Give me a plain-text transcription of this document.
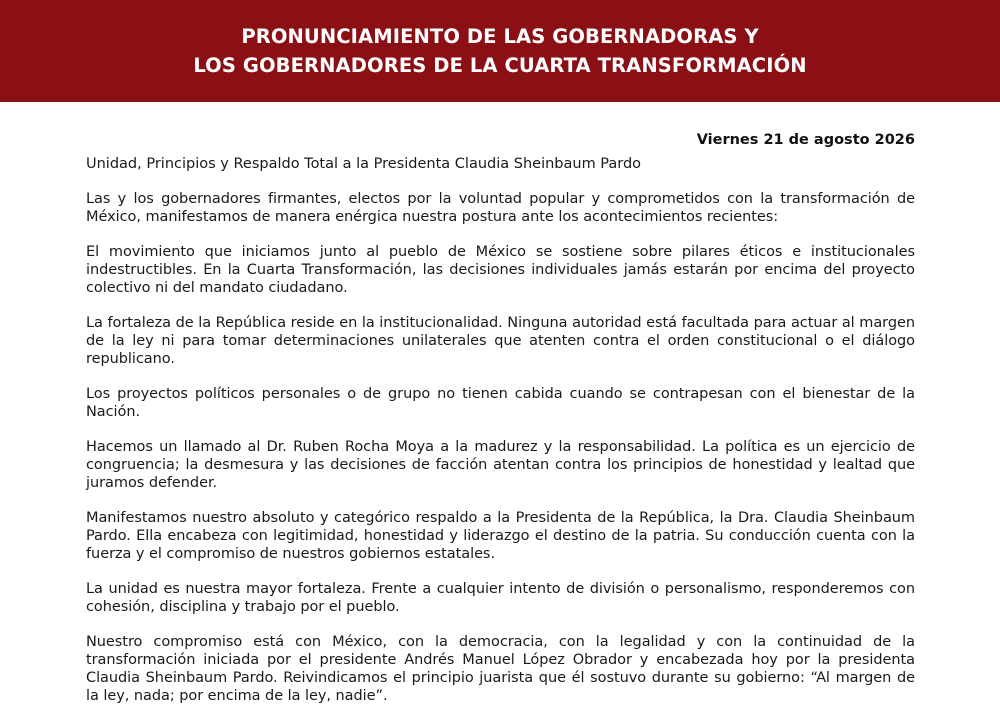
PRONUNCIAMIENTO DE LAS GOBERNADORAS Y
LOS GOBERNADORES DE LA CUARTA TRANSFORMACIÓN

Viernes 21 de agosto 2026

Unidad, Principios y Respaldo Total a la Presidenta Claudia Sheinbaum Pardo

Las y los gobernadores firmantes, electos por la voluntad popular y comprometidos con la transformación de México, manifestamos de manera enérgica nuestra postura ante los acontecimientos recientes:

El movimiento que iniciamos junto al pueblo de México se sostiene sobre pilares éticos e institucionales indestructibles. En la Cuarta Transformación, las decisiones individuales jamás estarán por encima del proyecto colectivo ni del mandato ciudadano.

La fortaleza de la República reside en la institucionalidad. Ninguna autoridad está facultada para actuar al margen de la ley ni para tomar determinaciones unilaterales que atenten contra el orden constitucional o el diálogo republicano.

Los proyectos políticos personales o de grupo no tienen cabida cuando se contrapesan con el bienestar de la Nación.

Hacemos un llamado al Dr. Ruben Rocha Moya a la madurez y la responsabilidad. La política es un ejercicio de congruencia; la desmesura y las decisiones de facción atentan contra los principios de honestidad y lealtad que juramos defender.

Manifestamos nuestro absoluto y categórico respaldo a la Presidenta de la República, la Dra. Claudia Sheinbaum Pardo. Ella encabeza con legitimidad, honestidad y liderazgo el destino de la patria. Su conducción cuenta con la fuerza y el compromiso de nuestros gobiernos estatales.

La unidad es nuestra mayor fortaleza. Frente a cualquier intento de división o personalismo, responderemos con cohesión, disciplina y trabajo por el pueblo.

Nuestro compromiso está con México, con la democracia, con la legalidad y con la continuidad de la transformación iniciada por el presidente Andrés Manuel López Obrador y encabezada hoy por la presidenta Claudia Sheinbaum Pardo. Reivindicamos el principio juarista que él sostuvo durante su gobierno: “Al margen de la ley, nada; por encima de la ley, nadie”.
